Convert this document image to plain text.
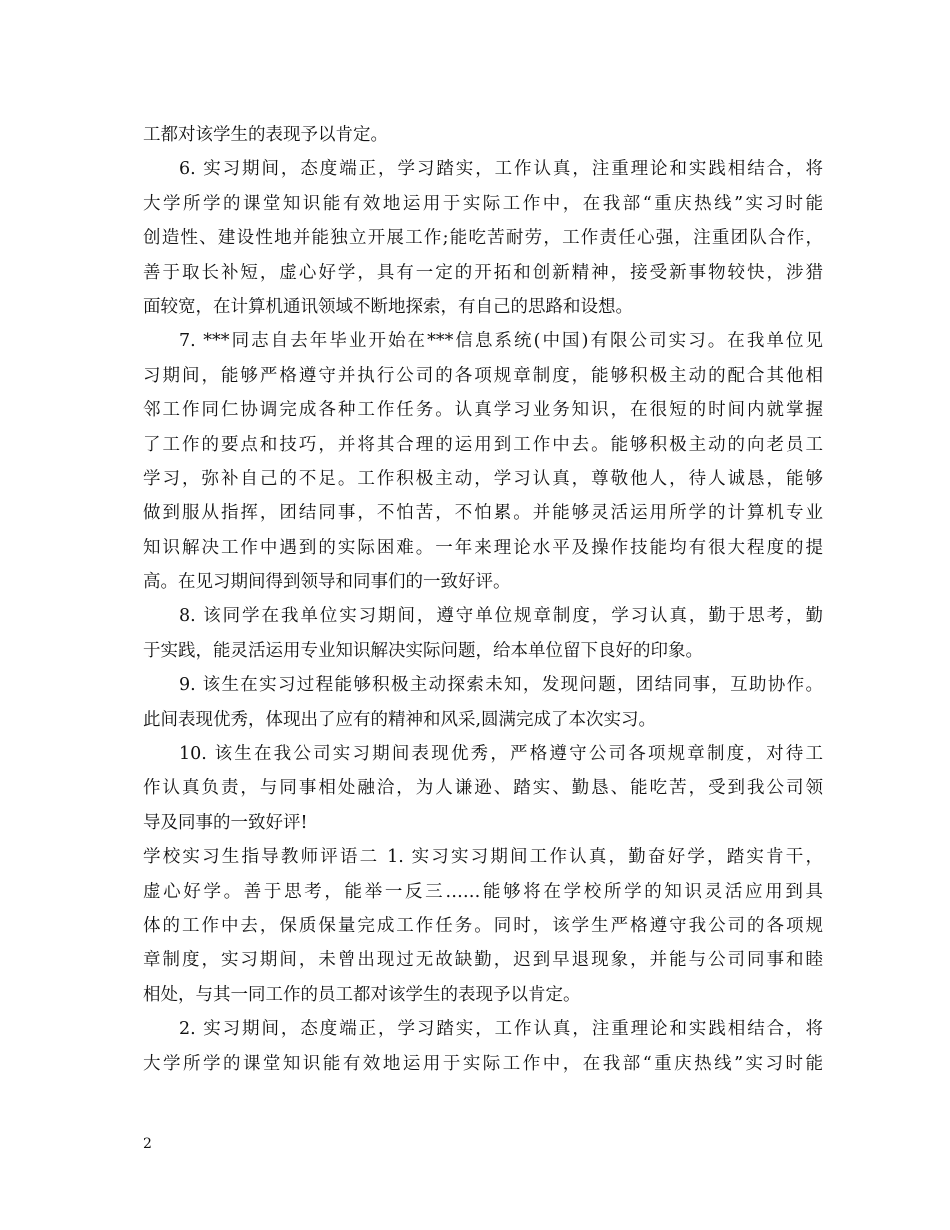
工都对该学生的表现予以肯定。
6. 实习期间，态度端正，学习踏实，工作认真，注重理论和实践相结合，将
大学所学的课堂知识能有效地运用于实际工作中，在我部“重庆热线”实习时能
创造性、建设性地并能独立开展工作;能吃苦耐劳，工作责任心强，注重团队合作，
善于取长补短，虚心好学，具有一定的开拓和创新精神，接受新事物较快，涉猎
面较宽，在计算机通讯领域不断地探索，有自己的思路和设想。
7. ***同志自去年毕业开始在***信息系统(中国)有限公司实习。在我单位见
习期间，能够严格遵守并执行公司的各项规章制度，能够积极主动的配合其他相
邻工作同仁协调完成各种工作任务。认真学习业务知识，在很短的时间内就掌握
了工作的要点和技巧，并将其合理的运用到工作中去。能够积极主动的向老员工
学习，弥补自己的不足。工作积极主动，学习认真，尊敬他人，待人诚恳，能够
做到服从指挥，团结同事，不怕苦，不怕累。并能够灵活运用所学的计算机专业
知识解决工作中遇到的实际困难。一年来理论水平及操作技能均有很大程度的提
高。在见习期间得到领导和同事们的一致好评。
8. 该同学在我单位实习期间，遵守单位规章制度，学习认真，勤于思考，勤
于实践，能灵活运用专业知识解决实际问题，给本单位留下良好的印象。
9. 该生在实习过程能够积极主动探索未知，发现问题，团结同事，互助协作。
此间表现优秀，体现出了应有的精神和风采,圆满完成了本次实习。
10. 该生在我公司实习期间表现优秀，严格遵守公司各项规章制度，对待工
作认真负责，与同事相处融洽，为人谦逊、踏实、勤恳、能吃苦，受到我公司领
导及同事的一致好评!
学校实习生指导教师评语二 1. 实习实习期间工作认真，勤奋好学，踏实肯干，
虚心好学。善于思考，能举一反三……能够将在学校所学的知识灵活应用到具
体的工作中去，保质保量完成工作任务。同时，该学生严格遵守我公司的各项规
章制度，实习期间，未曾出现过无故缺勤，迟到早退现象，并能与公司同事和睦
相处，与其一同工作的员工都对该学生的表现予以肯定。
2. 实习期间，态度端正，学习踏实，工作认真，注重理论和实践相结合，将
大学所学的课堂知识能有效地运用于实际工作中，在我部“重庆热线”实习时能
2
